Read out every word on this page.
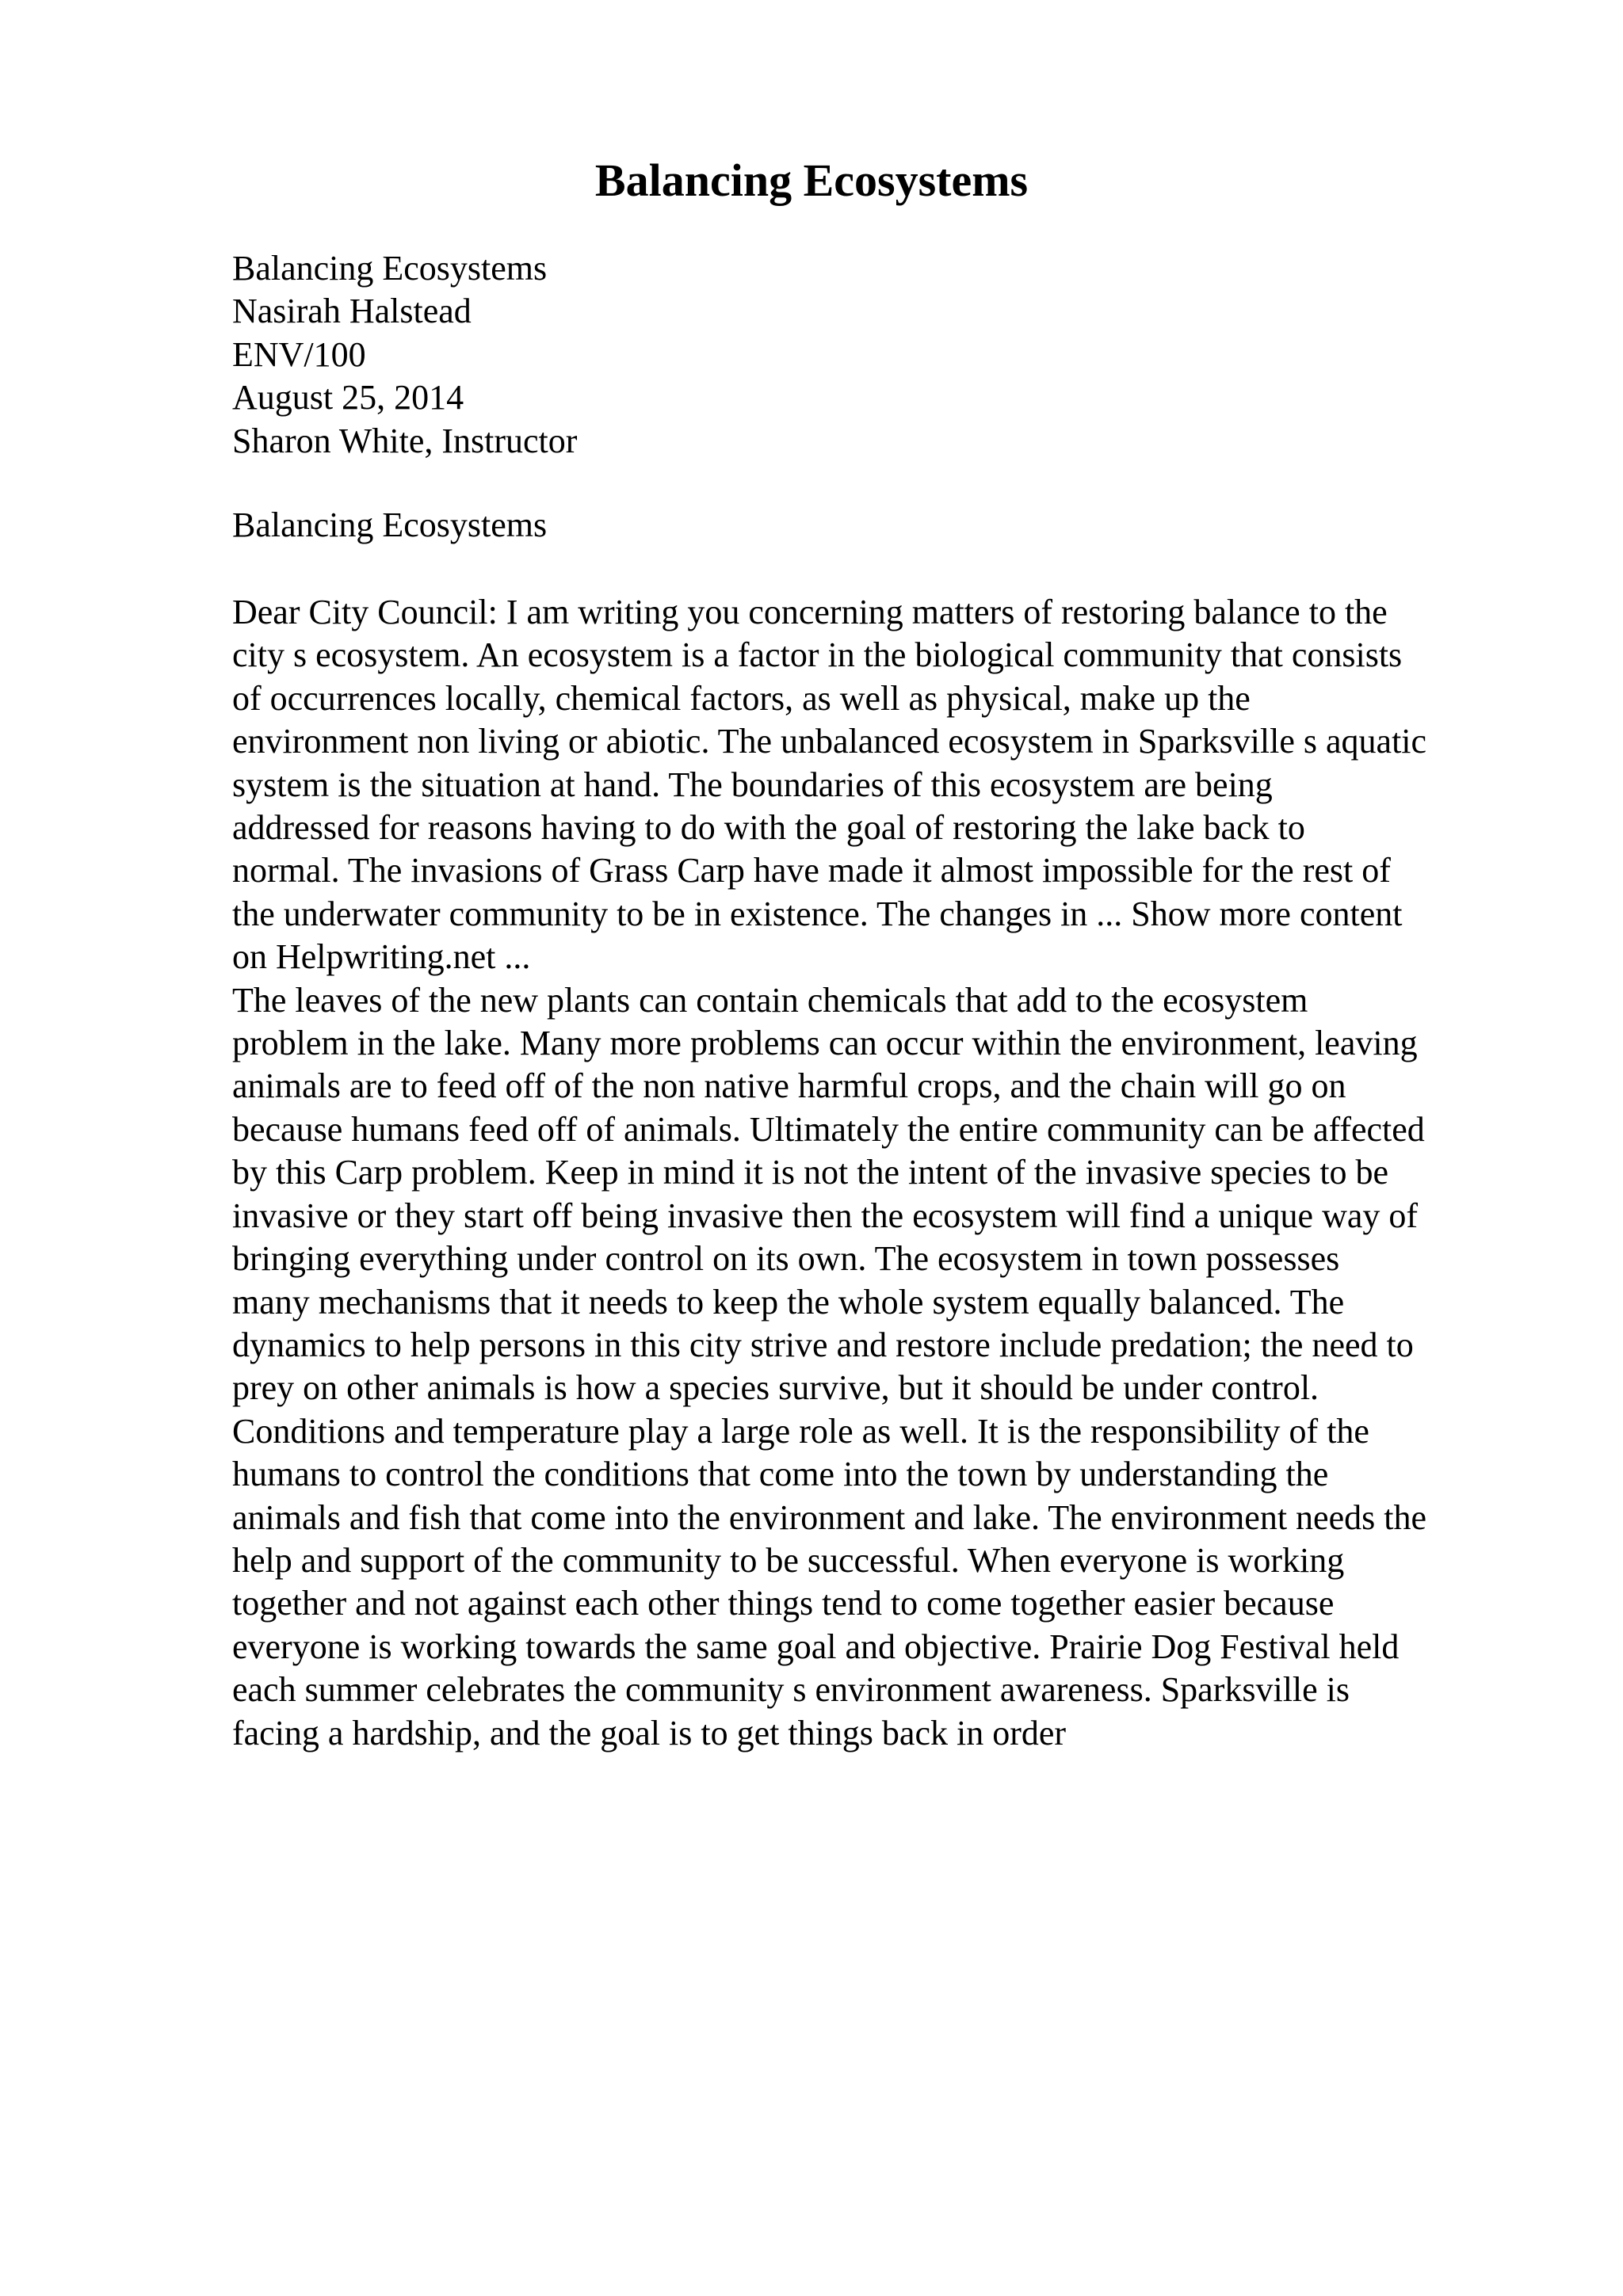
Balancing Ecosystems
Balancing Ecosystems
Nasirah Halstead
ENV/100
August 25, 2014
Sharon White, Instructor

Balancing Ecosystems

Dear City Council: I am writing you concerning matters of restoring balance to the
city s ecosystem. An ecosystem is a factor in the biological community that consists
of occurrences locally, chemical factors, as well as physical, make up the
environment non living or abiotic. The unbalanced ecosystem in Sparksville s aquatic
system is the situation at hand. The boundaries of this ecosystem are being
addressed for reasons having to do with the goal of restoring the lake back to
normal. The invasions of Grass Carp have made it almost impossible for the rest of
the underwater community to be in existence. The changes in ... Show more content
on Helpwriting.net ...
The leaves of the new plants can contain chemicals that add to the ecosystem
problem in the lake. Many more problems can occur within the environment, leaving
animals are to feed off of the non native harmful crops, and the chain will go on
because humans feed off of animals. Ultimately the entire community can be affected
by this Carp problem. Keep in mind it is not the intent of the invasive species to be
invasive or they start off being invasive then the ecosystem will find a unique way of
bringing everything under control on its own. The ecosystem in town possesses
many mechanisms that it needs to keep the whole system equally balanced. The
dynamics to help persons in this city strive and restore include predation; the need to
prey on other animals is how a species survive, but it should be under control.
Conditions and temperature play a large role as well. It is the responsibility of the
humans to control the conditions that come into the town by understanding the
animals and fish that come into the environment and lake. The environment needs the
help and support of the community to be successful. When everyone is working
together and not against each other things tend to come together easier because
everyone is working towards the same goal and objective. Prairie Dog Festival held
each summer celebrates the community s environment awareness. Sparksville is
facing a hardship, and the goal is to get things back in order
